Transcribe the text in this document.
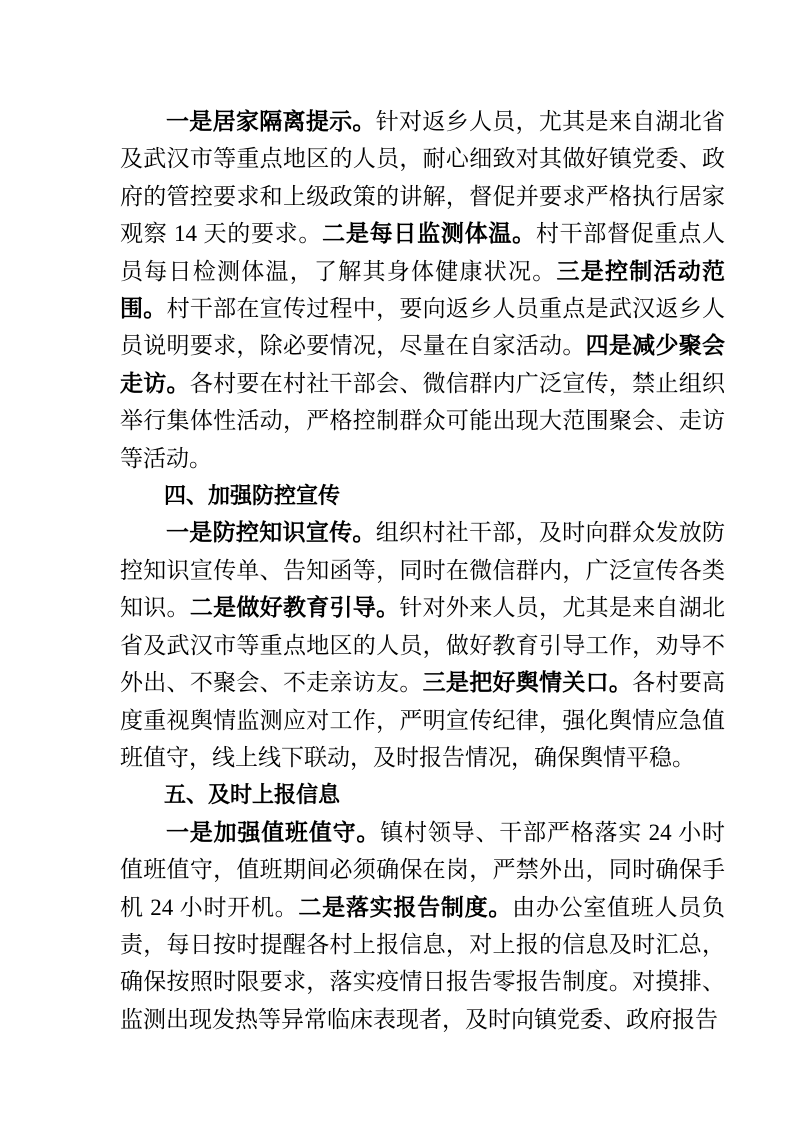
一是居家隔离提示。针对返乡人员，尤其是来自湖北省及武汉市等重点地区的人员，耐心细致对其做好镇党委、政府的管控要求和上级政策的讲解，督促并要求严格执行居家观察 14 天的要求。二是每日监测体温。村干部督促重点人员每日检测体温，了解其身体健康状况。三是控制活动范围。村干部在宣传过程中，要向返乡人员重点是武汉返乡人员说明要求，除必要情况，尽量在自家活动。四是减少聚会走访。各村要在村社干部会、微信群内广泛宣传，禁止组织举行集体性活动，严格控制群众可能出现大范围聚会、走访等活动。

四、加强防控宣传

一是防控知识宣传。组织村社干部，及时向群众发放防控知识宣传单、告知函等，同时在微信群内，广泛宣传各类知识。二是做好教育引导。针对外来人员，尤其是来自湖北省及武汉市等重点地区的人员，做好教育引导工作，劝导不外出、不聚会、不走亲访友。三是把好舆情关口。各村要高度重视舆情监测应对工作，严明宣传纪律，强化舆情应急值班值守，线上线下联动，及时报告情况，确保舆情平稳。

五、及时上报信息

一是加强值班值守。镇村领导、干部严格落实 24 小时值班值守，值班期间必须确保在岗，严禁外出，同时确保手机 24 小时开机。二是落实报告制度。由办公室值班人员负责，每日按时提醒各村上报信息，对上报的信息及时汇总，确保按照时限要求，落实疫情日报告零报告制度。对摸排、监测出现发热等异常临床表现者，及时向镇党委、政府报告
